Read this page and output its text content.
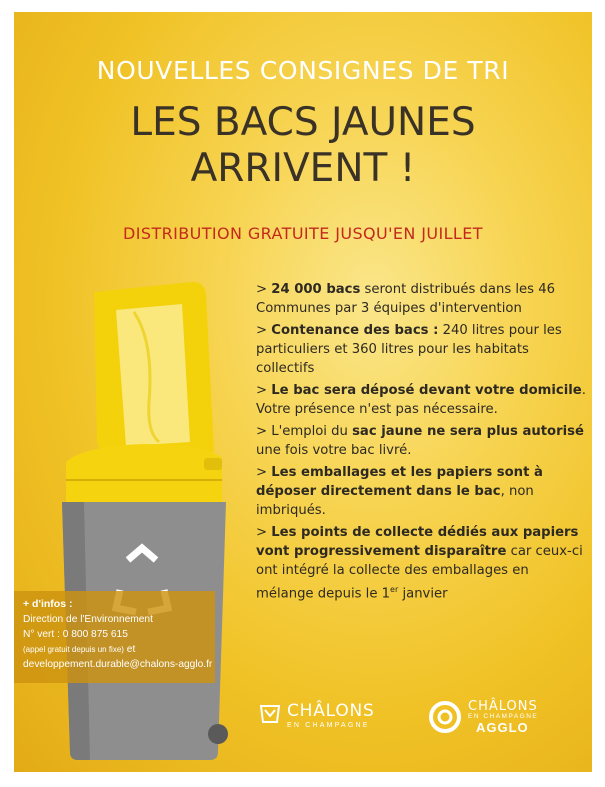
NOUVELLES CONSIGNES DE TRI
LES BACS JAUNES
ARRIVENT !
DISTRIBUTION GRATUITE JUSQU'EN JUILLET
> 24 000 bacs seront distribués dans les 46 Communes par 3 équipes d'intervention
> Contenance des bacs : 240 litres pour les particuliers et 360 litres pour les habitats collectifs
> Le bac sera déposé devant votre domicile. Votre présence n'est pas nécessaire.
> L'emploi du sac jaune ne sera plus autorisé une fois votre bac livré.
> Les emballages et les papiers sont à déposer directement dans le bac, non imbriqués.
> Les points de collecte dédiés aux papiers vont progressivement disparaître car ceux-ci ont intégré la collecte des emballages en mélange depuis le 1er janvier
+ d'infos :
Direction de l'Environnement
N° vert : 0 800 875 615
(appel gratuit depuis un fixe) et
developpement.durable@chalons-agglo.fr
CHÂLONS
EN CHAMPAGNE
CHÂLONS
EN CHAMPAGNE
AGGLO
